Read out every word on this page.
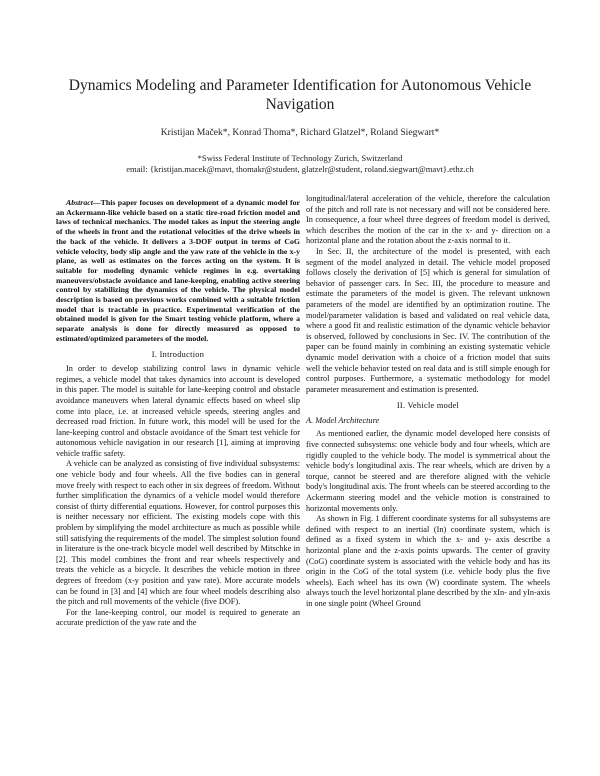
Dynamics Modeling and Parameter Identification for Autonomous Vehicle Navigation
Kristijan Maček*, Konrad Thoma*, Richard Glatzel*, Roland Siegwart*
*Swiss Federal Institute of Technology Zurich, Switzerland
email: {kristijan.macek@mavt, thomakr@student, glatzelr@student, roland.siegwart@mavt}.ethz.ch

Abstract—This paper focuses on development of a dynamic model for an Ackermann-like vehicle based on a static tire-road friction model and laws of technical mechanics. The model takes as input the steering angle of the wheels in front and the rotational velocities of the drive wheels in the back of the vehicle. It delivers a 3-DOF output in terms of CoG vehicle velocity, body slip angle and the yaw rate of the vehicle in the x-y plane, as well as estimates on the forces acting on the system. It is suitable for modeling dynamic vehicle regimes in e.g. overtaking maneuvers/obstacle avoidance and lane-keeping, enabling active steering control by stabilizing the dynamics of the vehicle. The physical model description is based on previous works combined with a suitable friction model that is tractable in practice. Experimental verification of the obtained model is given for the Smart testing vehicle platform, where a separate analysis is done for directly measured as opposed to estimated/optimized parameters of the model.

I. Introduction

In order to develop stabilizing control laws in dynamic vehicle regimes, a vehicle model that takes dynamics into account is developed in this paper. The model is suitable for lane-keeping control and obstacle avoidance maneuvers when lateral dynamic effects based on wheel slip come into place, i.e. at increased vehicle speeds, steering angles and decreased road friction. In future work, this model will be used for the lane-keeping control and obstacle avoidance of the Smart test vehicle for autonomous vehicle navigation in our research [1], aiming at improving vehicle traffic safety.

A vehicle can be analyzed as consisting of five individual subsystems: one vehicle body and four wheels. All the five bodies can in general move freely with respect to each other in six degrees of freedom. Without further simplification the dynamics of a vehicle model would therefore consist of thirty differential equations. However, for control purposes this is neither necessary nor efficient. The existing models cope with this problem by simplifying the model architecture as much as possible while still satisfying the requirements of the model. The simplest solution found in literature is the one-track bicycle model well described by Mitschke in [2]. This model combines the front and rear wheels respectively and treats the vehicle as a bicycle. It describes the vehicle motion in three degrees of freedom (x-y position and yaw rate). More accurate models can be found in [3] and [4] which are four wheel models describing also the pitch and roll movements of the vehicle (five DOF).

For the lane-keeping control, our model is required to generate an accurate prediction of the yaw rate and the

longitudinal/lateral acceleration of the vehicle, therefore the calculation of the pitch and roll rate is not necessary and will not be considered here. In consequence, a four wheel three degrees of freedom model is derived, which describes the motion of the car in the x- and y- direction on a horizontal plane and the rotation about the z-axis normal to it.

In Sec. II, the architecture of the model is presented, with each segment of the model analyzed in detail. The vehicle model proposed follows closely the derivation of [5] which is general for simulation of behavior of passenger cars. In Sec. III, the procedure to measure and estimate the parameters of the model is given. The relevant unknown parameters of the model are identified by an optimization routine. The model/parameter validation is based and validated on real vehicle data, where a good fit and realistic estimation of the dynamic vehicle behavior is observed, followed by conclusions in Sec. IV. The contribution of the paper can be found mainly in combining an existing systematic vehicle dynamic model derivation with a choice of a friction model that suits well the vehicle behavior tested on real data and is still simple enough for control purposes. Furthermore, a systematic methodology for model parameter measurement and estimation is presented.

II. Vehicle model
A. Model Architecture

As mentioned earlier, the dynamic model developed here consists of five connected subsystems: one vehicle body and four wheels, which are rigidly coupled to the vehicle body. The model is symmetrical about the vehicle body's longitudinal axis. The rear wheels, which are driven by a torque, cannot be steered and are therefore aligned with the vehicle body's longitudinal axis. The front wheels can be steered according to the Ackermann steering model and the vehicle motion is constrained to horizontal movements only.

As shown in Fig. 1 different coordinate systems for all subsystems are defined with respect to an inertial (In) coordinate system, which is defined as a fixed system in which the x- and y- axis describe a horizontal plane and the z-axis points upwards. The center of gravity (CoG) coordinate system is associated with the vehicle body and has its origin in the CoG of the total system (i.e. vehicle body plus the five wheels). Each wheel has its own (W) coordinate system. The wheels always touch the level horizontal plane described by the xIn- and yIn-axis in one single point (Wheel Ground
